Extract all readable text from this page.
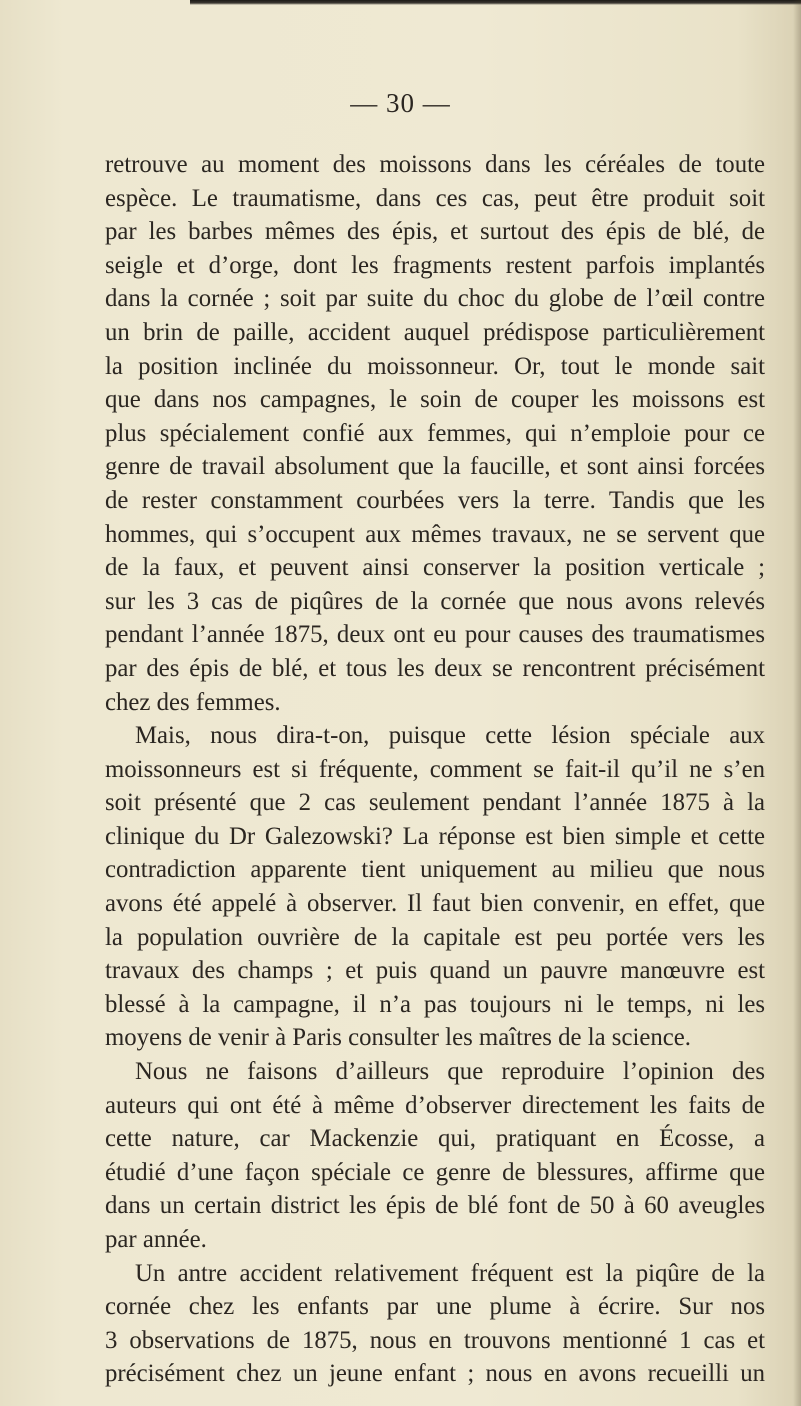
— 30 —
retrouve au moment des moissons dans les céréales de toute
espèce. Le traumatisme, dans ces cas, peut être produit soit
par les barbes mêmes des épis, et surtout des épis de blé, de
seigle et d’orge, dont les fragments restent parfois implantés
dans la cornée ; soit par suite du choc du globe de l’œil contre
un brin de paille, accident auquel prédispose particulièrement
la position inclinée du moissonneur. Or, tout le monde sait
que dans nos campagnes, le soin de couper les moissons est
plus spécialement confié aux femmes, qui n’emploie pour ce
genre de travail absolument que la faucille, et sont ainsi forcées
de rester constamment courbées vers la terre. Tandis que les
hommes, qui s’occupent aux mêmes travaux, ne se servent que
de la faux, et peuvent ainsi conserver la position verticale ;
sur les 3 cas de piqûres de la cornée que nous avons relevés
pendant l’année 1875, deux ont eu pour causes des traumatismes
par des épis de blé, et tous les deux se rencontrent précisément
chez des femmes.
Mais, nous dira-t-on, puisque cette lésion spéciale aux
moissonneurs est si fréquente, comment se fait-il qu’il ne s’en
soit présenté que 2 cas seulement pendant l’année 1875 à la
clinique du Dr Galezowski? La réponse est bien simple et cette
contradiction apparente tient uniquement au milieu que nous
avons été appelé à observer. Il faut bien convenir, en effet, que
la population ouvrière de la capitale est peu portée vers les
travaux des champs ; et puis quand un pauvre manœuvre est
blessé à la campagne, il n’a pas toujours ni le temps, ni les
moyens de venir à Paris consulter les maîtres de la science.
Nous ne faisons d’ailleurs que reproduire l’opinion des
auteurs qui ont été à même d’observer directement les faits de
cette nature, car Mackenzie qui, pratiquant en Écosse, a
étudié d’une façon spéciale ce genre de blessures, affirme que
dans un certain district les épis de blé font de 50 à 60 aveugles
par année.
Un antre accident relativement fréquent est la piqûre de la
cornée chez les enfants par une plume à écrire. Sur nos
3 observations de 1875, nous en trouvons mentionné 1 cas et
précisément chez un jeune enfant ; nous en avons recueilli un
